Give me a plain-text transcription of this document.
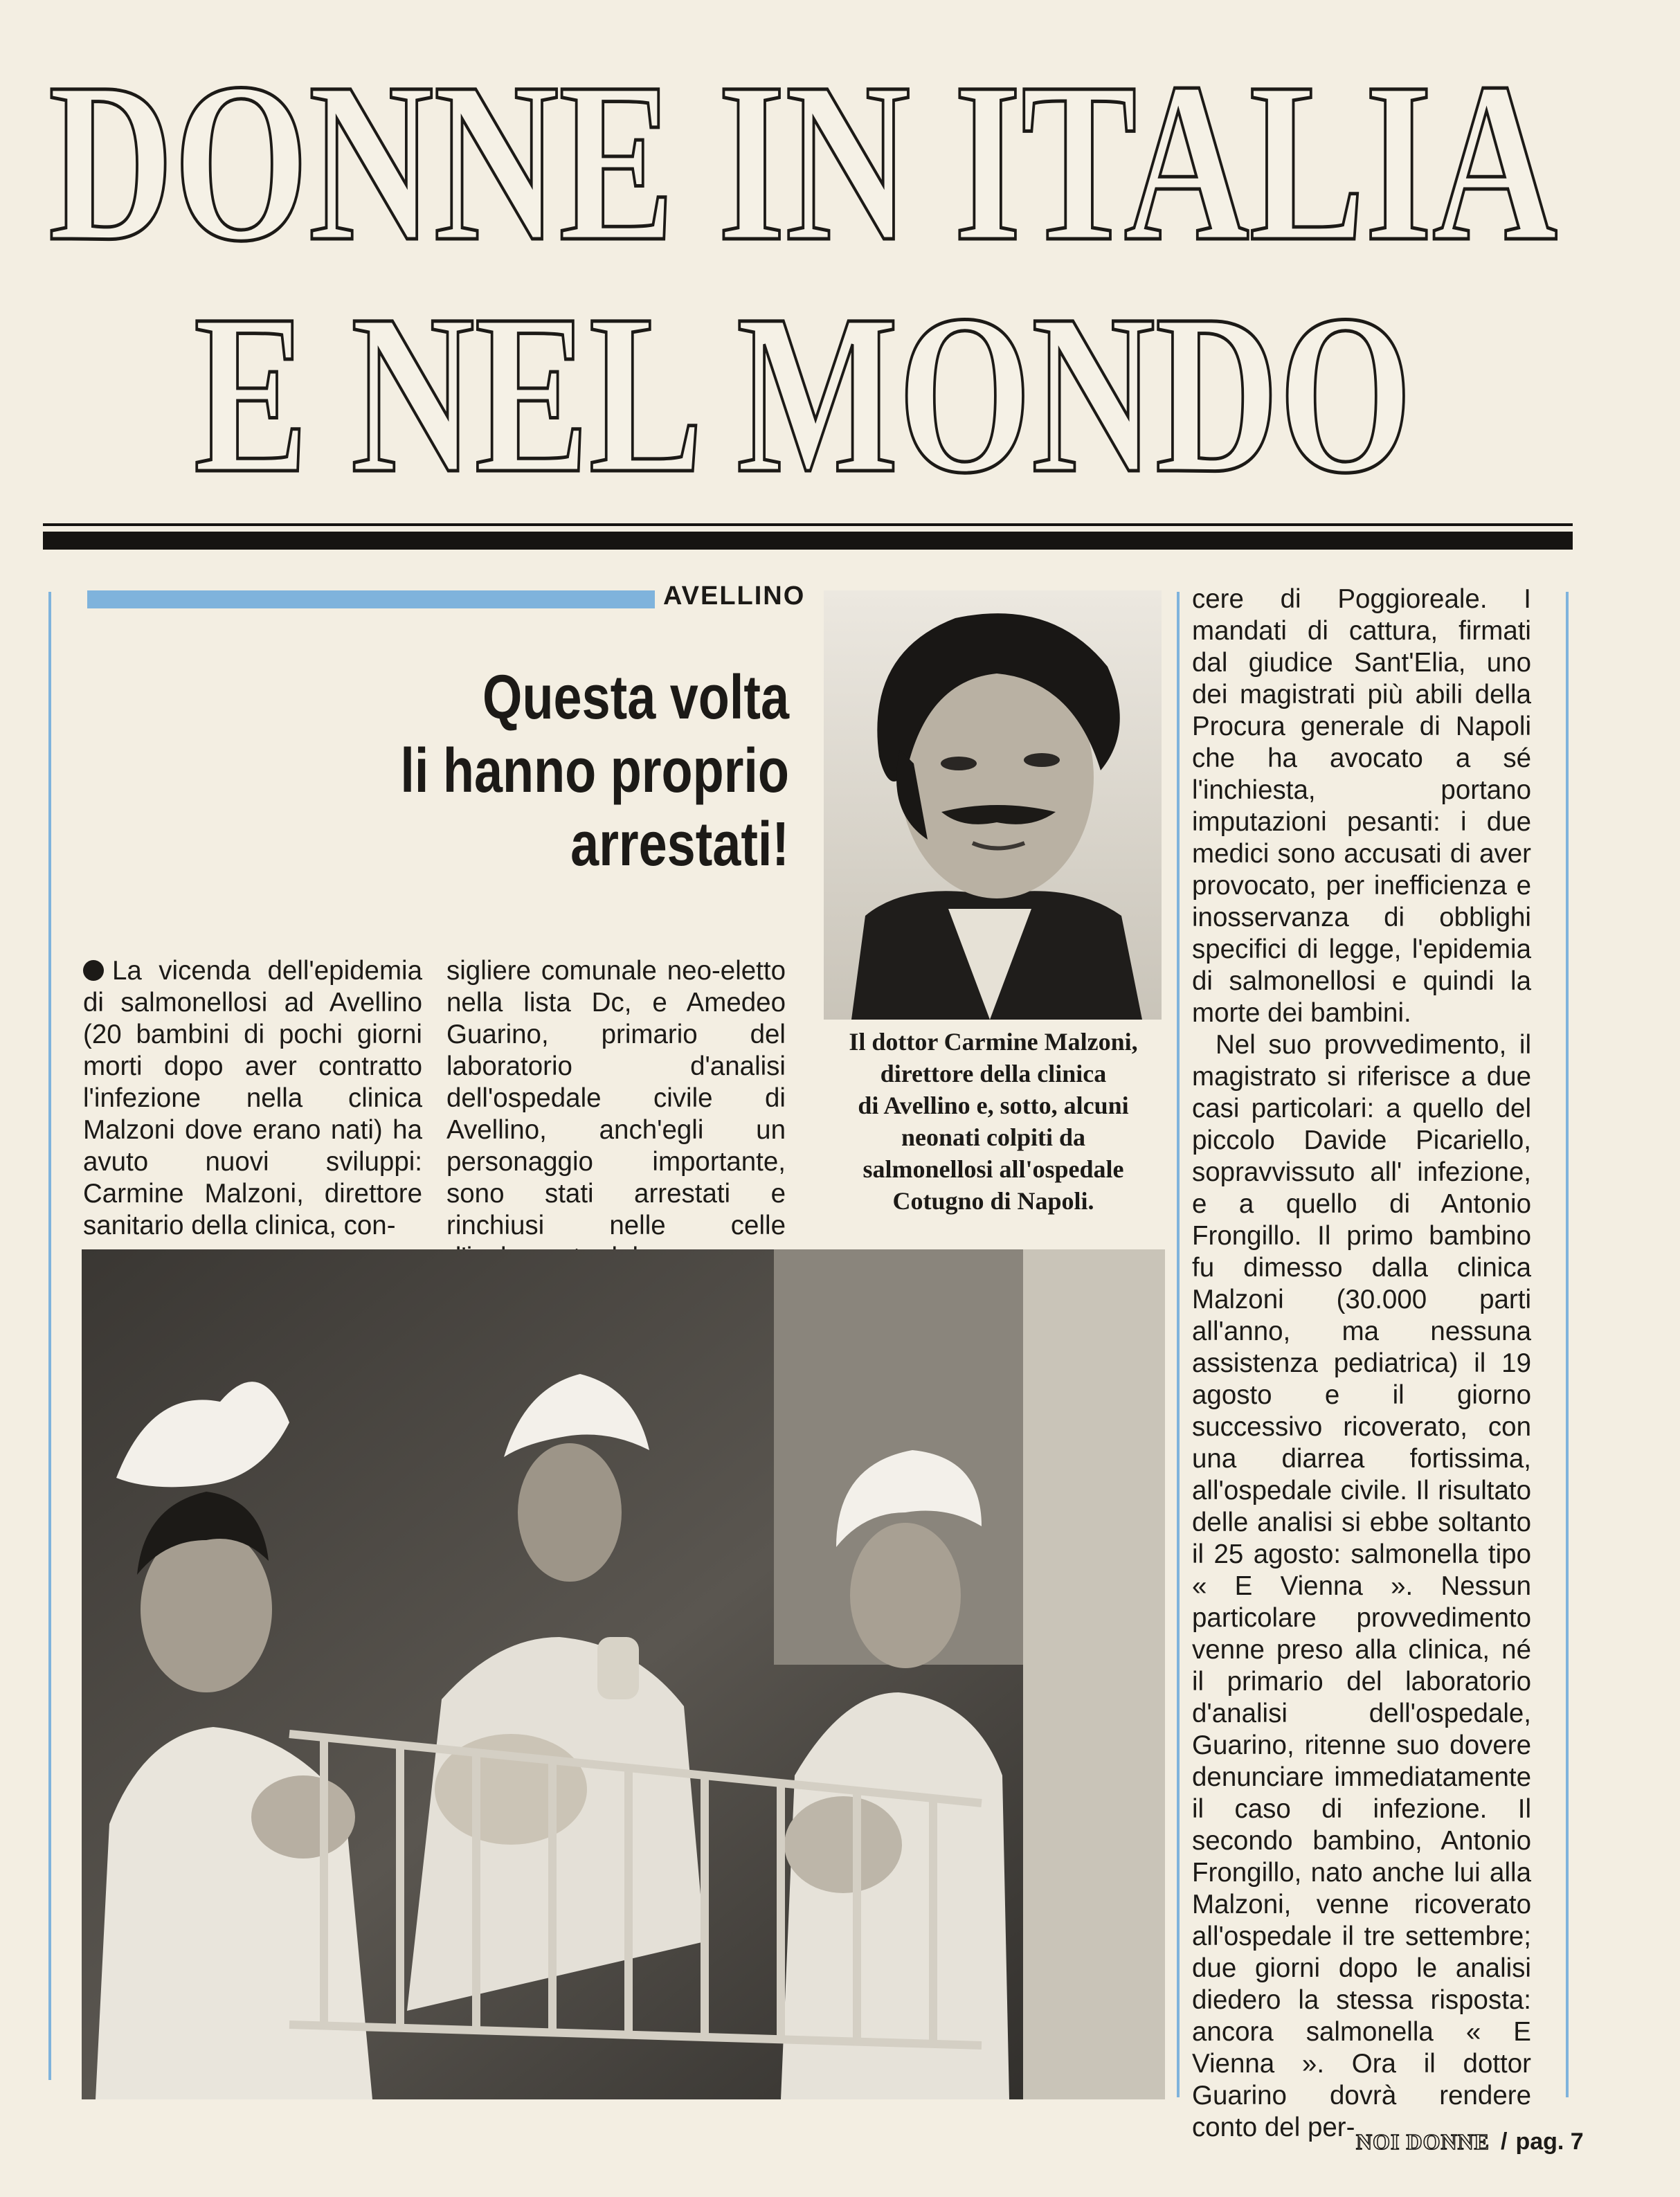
DONNE IN ITALIA
E NEL MONDO
AVELLINO
Questa volta
li hanno proprio
arrestati!

La vicenda dell'epidemia di salmonellosi ad Avellino (20 bambini di pochi giorni morti dopo aver contratto l'infezione nella clinica Malzoni dove erano nati) ha avuto nuovi sviluppi: Carmine Malzoni, direttore sanitario della clinica, con-

sigliere comunale neo-eletto nella lista Dc, e Amedeo Guarino, primario del laboratorio d'analisi dell'ospedale civile di Avellino, anch'egli un personaggio importante, sono stati arrestati e rinchiusi nelle celle

Il dottor Carmine Malzoni,
direttore della clinica
di Avellino e, sotto, alcuni
neonati colpiti da
salmonellosi all'ospedale
Cotugno di Napoli.

cere di Poggioreale. I mandati di cattura, firmati dal giudice Sant'Elia, uno dei magistrati più abili della Procura generale di Napoli che ha avocato a sé l'inchiesta, portano imputazioni pesanti: i due medici sono accusati di aver provocato, per inefficienza e inosservanza di obblighi specifici di legge, l'epidemia di salmonellosi e quindi la morte dei bambini.

Nel suo provvedimento, il magistrato si riferisce a due casi particolari: a quello del piccolo Davide Picariello, sopravvissuto all' infezione, e a quello di Antonio Frongillo. Il primo bambino fu dimesso dalla clinica Malzoni (30.000 parti all'anno, ma nessuna assistenza pediatrica) il 19 agosto e il giorno successivo ricoverato, con una diarrea fortissima, all'ospedale civile. Il risultato delle analisi si ebbe soltanto il 25 agosto: salmonella tipo « E Vienna ». Nessun particolare provvedimento venne preso alla clinica, né il primario del laboratorio d'analisi dell'ospedale, Guarino, ritenne suo dovere denunciare immediatamente il caso di infezione. Il secondo bambino, Antonio Frongillo, nato anche lui alla Malzoni, venne ricoverato all'ospedale il tre settembre; due giorni dopo le analisi diedero la stessa risposta: ancora salmonella « E Vienna ». Ora il dottor Guarino dovrà rendere conto del per- NOI DONNE / pag. 7
